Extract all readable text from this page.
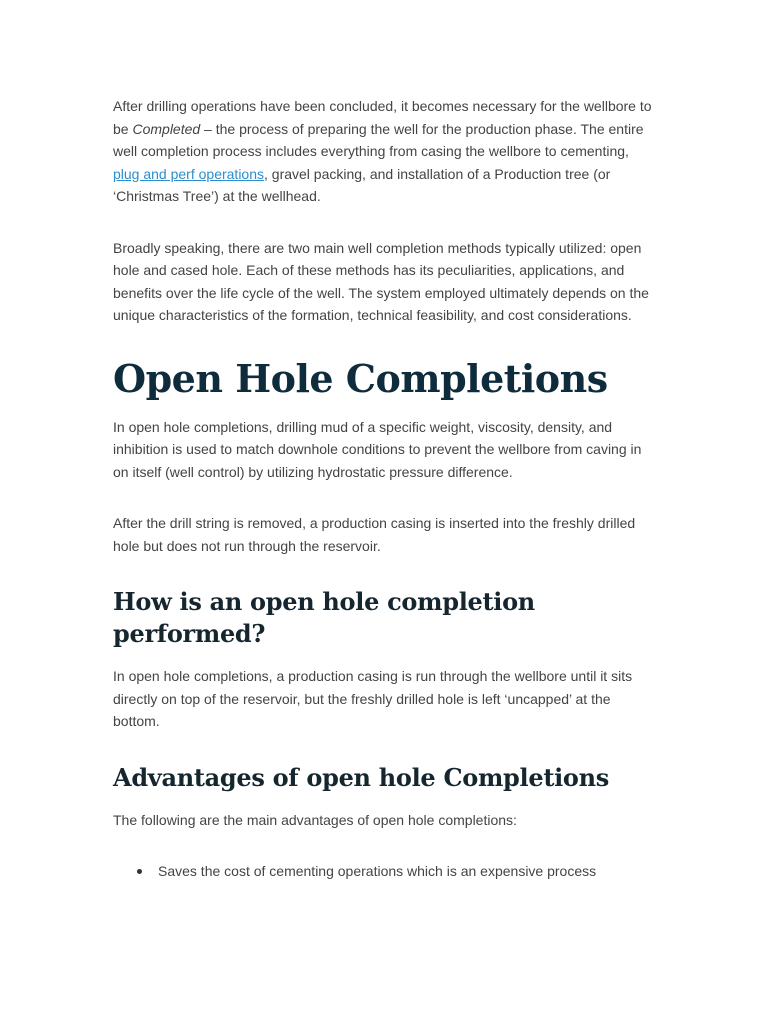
After drilling operations have been concluded, it becomes necessary for the wellbore to be Completed – the process of preparing the well for the production phase. The entire well completion process includes everything from casing the wellbore to cementing, plug and perf operations, gravel packing, and installation of a Production tree (or ‘Christmas Tree’) at the wellhead.

Broadly speaking, there are two main well completion methods typically utilized: open hole and cased hole. Each of these methods has its peculiarities, applications, and benefits over the life cycle of the well. The system employed ultimately depends on the unique characteristics of the formation, technical feasibility, and cost considerations.

Open Hole Completions

In open hole completions, drilling mud of a specific weight, viscosity, density, and inhibition is used to match downhole conditions to prevent the wellbore from caving in on itself (well control) by utilizing hydrostatic pressure difference.

After the drill string is removed, a production casing is inserted into the freshly drilled hole but does not run through the reservoir.

How is an open hole completion performed?

In open hole completions, a production casing is run through the wellbore until it sits directly on top of the reservoir, but the freshly drilled hole is left ‘uncapped’ at the bottom.

Advantages of open hole Completions

The following are the main advantages of open hole completions:

Saves the cost of cementing operations which is an expensive process
